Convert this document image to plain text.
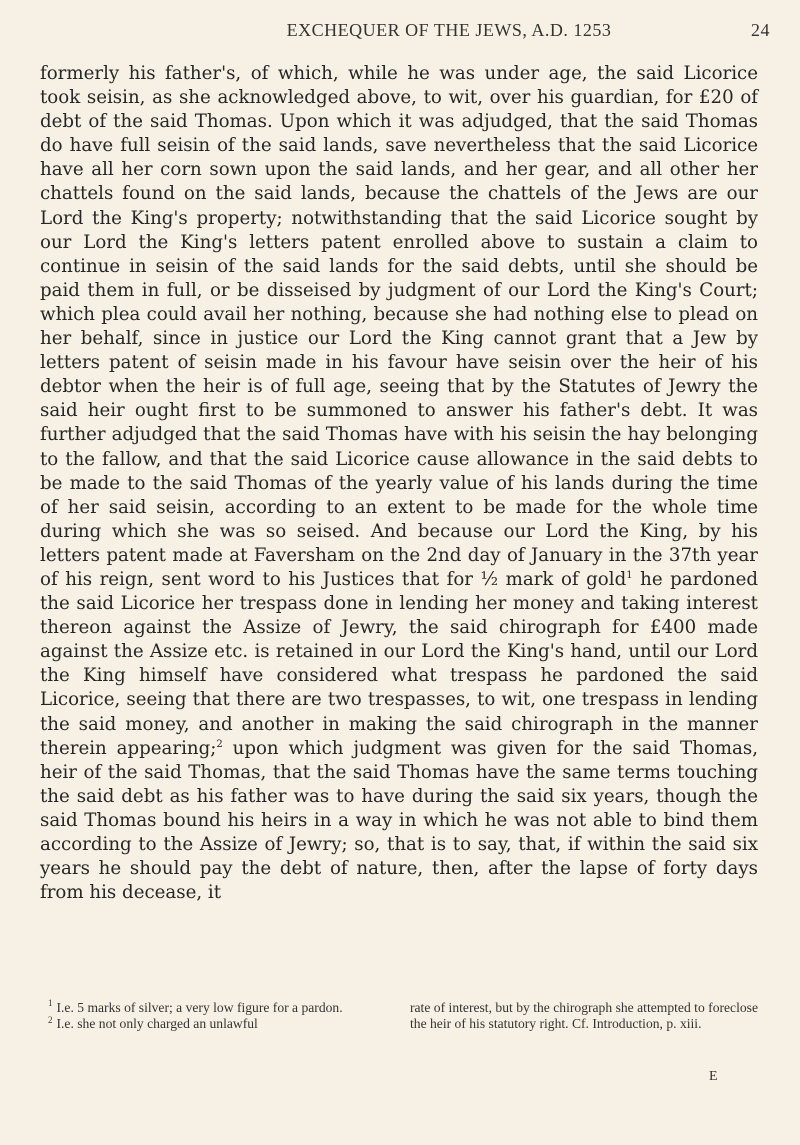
EXCHEQUER OF THE JEWS, A.D. 1253	24

formerly his father's, of which, while he was under age, the said Licorice took seisin, as she acknowledged above, to wit, over his guardian, for £20 of debt of the said Thomas. Upon which it was adjudged, that the said Thomas do have full seisin of the said lands, save nevertheless that the said Licorice have all her corn sown upon the said lands, and her gear, and all other her chattels found on the said lands, because the chattels of the Jews are our Lord the King's property; notwithstanding that the said Licorice sought by our Lord the King's letters patent enrolled above to sustain a claim to continue in seisin of the said lands for the said debts, until she should be paid them in full, or be disseised by judgment of our Lord the King's Court; which plea could avail her nothing, because she had nothing else to plead on her behalf, since in justice our Lord the King cannot grant that a Jew by letters patent of seisin made in his favour have seisin over the heir of his debtor when the heir is of full age, seeing that by the Statutes of Jewry the said heir ought first to be summoned to answer his father's debt. It was further adjudged that the said Thomas have with his seisin the hay belonging to the fallow, and that the said Licorice cause allowance in the said debts to be made to the said Thomas of the yearly value of his lands during the time of her said seisin, according to an extent to be made for the whole time during which she was so seised. And because our Lord the King, by his letters patent made at Faversham on the 2nd day of January in the 37th year of his reign, sent word to his Justices that for ½ mark of gold$^1$ he pardoned the said Licorice her trespass done in lending her money and taking interest thereon against the Assize of Jewry, the said chirograph for £400 made against the Assize etc. is retained in our Lord the King's hand, until our Lord the King himself have considered what trespass he pardoned the said Licorice, seeing that there are two trespasses, to wit, one trespass in lending the said money, and another in making the said chirograph in the manner therein appearing;$^2$ upon which judgment was given for the said Thomas, heir of the said Thomas, that the said Thomas have the same terms touching the said debt as his father was to have during the said six years, though the said Thomas bound his heirs in a way in which he was not able to bind them according to the Assize of Jewry; so, that is to say, that, if within the said six years he should pay the debt of nature, then, after the lapse of forty days from his decease, it

$^1$ I.e. 5 marks of silver; a very low figure for a pardon.

$^2$ I.e. she not only charged an unlawful

rate of interest, but by the chirograph she attempted to foreclose the heir of his statutory right. Cf. Introduction, p. xiii.

E
